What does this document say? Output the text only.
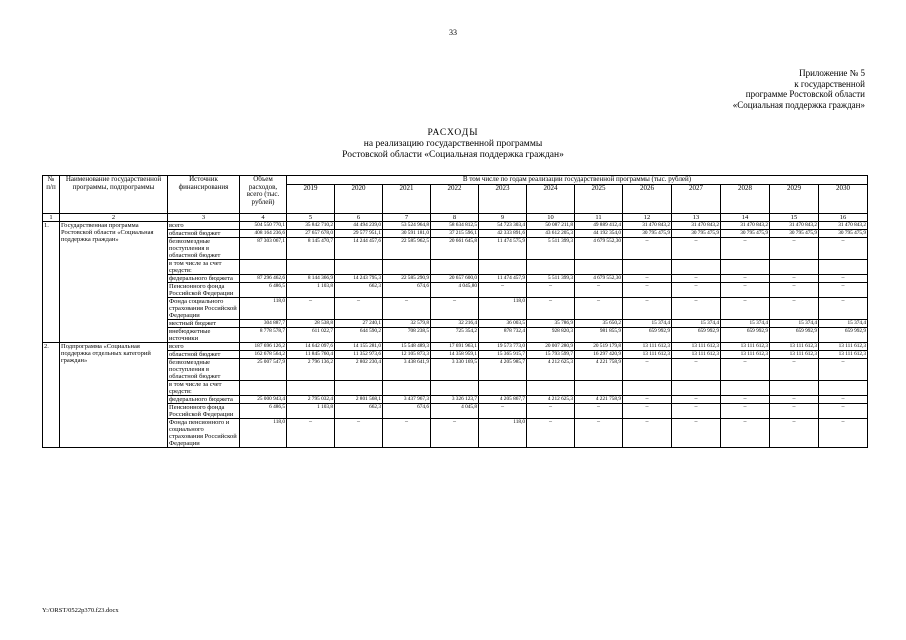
33
Приложение № 5
к государственной
программе Ростовской области
«Социальная поддержка граждан»
РАСХОДЫ
на реализацию государственной программы
Ростовской области «Социальная поддержка граждан»
№ п/п	Наименование государственной программы, подпрограммы	Источник финансирования	Объем расходов, всего (тыс. рублей)	В том числе по годам реализации государственной программы (тыс. рублей)											
				2019	2020	2021	2022	2023	2024	2025	2026	2027	2028	2029	2030
1	2	3	4	5	6	7	8	9	10	11	12	13	14	15	16
1.	Государственная программа Ростовской области «Социальная поддержка граждан»	всего	504 550 770,1	35 842 710,2	44 494 239,0	53 524 964,8	58 634 812,5	54 723 303,4	50 087 211,8	49 889 412,4	31 470 843,2	31 470 843,2	31 470 843,2	31 470 843,2	31 470 843,2
		областной бюджет	408 164 236,6	27 657 678,0	29 577 951,1	30 591 181,0	37 215 596,1	42 333 891,6	43 612 205,3	44 192 354,0	30 795 475,9	30 795 475,9	30 795 475,9	30 795 475,9	30 795 475,9
		безвозмездные поступления в областной бюджет	87 303 067,1	8 145 470,7	14 244 457,6	22 585 962,5	20 661 645,8	11 474 575,9	5 511 399,3	4 679 552,30	–	–	–	–	–
		в том числе за счет средств:													
		федерального бюджета	87 296 462,6	8 144 366,9	14 243 795,3	22 585 290,9	20 657 600,0	11 474 457,9	5 511 399,3	4 679 552,30	–	–	–	–	–
		Пенсионного фонда Российской Федерации	6 486,5	1 103,8	662,3	674,6	4 045,80	–	–	–	–	–	–	–	–
		Фонда социального страхования Российской Федерации	118,0	–	–	–	–	118,0	–	–	–	–	–	–	–
		местный бюджет	304 887,7	28 538,8	27 240,1	32 579,8	32 216,4	36 003,5	35 786,9	35 650,2	15 374,4	15 374,4	15 374,4	15 374,4	15 374,4
		внебюджетные источники	8 778 578,7	611 022,7	644 590,2	708 238,5	725 354,2	878 732,4	928 820,3	981 855,9	659 992,9	659 992,9	659 992,9	659 992,9	659 992,9
2.	Подпрограмма «Социальная поддержка отдельных категорий граждан»	всего	187 696 126,2	14 642 097,6	14 155 281,0	15 548 489,3	17 691 963,1	19 573 773,0	20 007 280,9	20 519 179,8	13 111 612,3	13 111 612,3	13 111 612,3	13 111 612,3	13 111 612,3
		областной бюджет	162 678 564,2	11 845 760,4	11 352 973,6	12 105 873,3	14 358 959,1	15 365 915,7	15 793 599,7	16 297 420,9	13 111 612,3	13 111 612,3	13 111 612,3	13 111 612,3	13 111 612,3
		безвозмездные поступления в областной бюджет	25 007 547,9	2 796 136,2	2 802 230,4	3 438 641,9	3 330 169,5	4 205 985,7	4 212 625,3	4 221 758,9	–	–	–	–	–
		в том числе за счет средств:													
		федерального бюджета	25 000 943,4	2 795 032,4	2 801 568,1	3 437 967,3	3 326 123,7	4 205 867,7	4 212 625,3	4 221 758,9	–	–	–	–	–
		Пенсионного фонда Российской Федерации	6 486,5	1 103,8	662,3	674,6	4 045,8	–	–	–	–	–	–	–	–
		Фонда пенсионного и социального страхования Российской Федерации	118,0	–	–	–	–	118,0	–	–	–	–	–	–	–
Y:/ORST/0522p370.f23.docx
